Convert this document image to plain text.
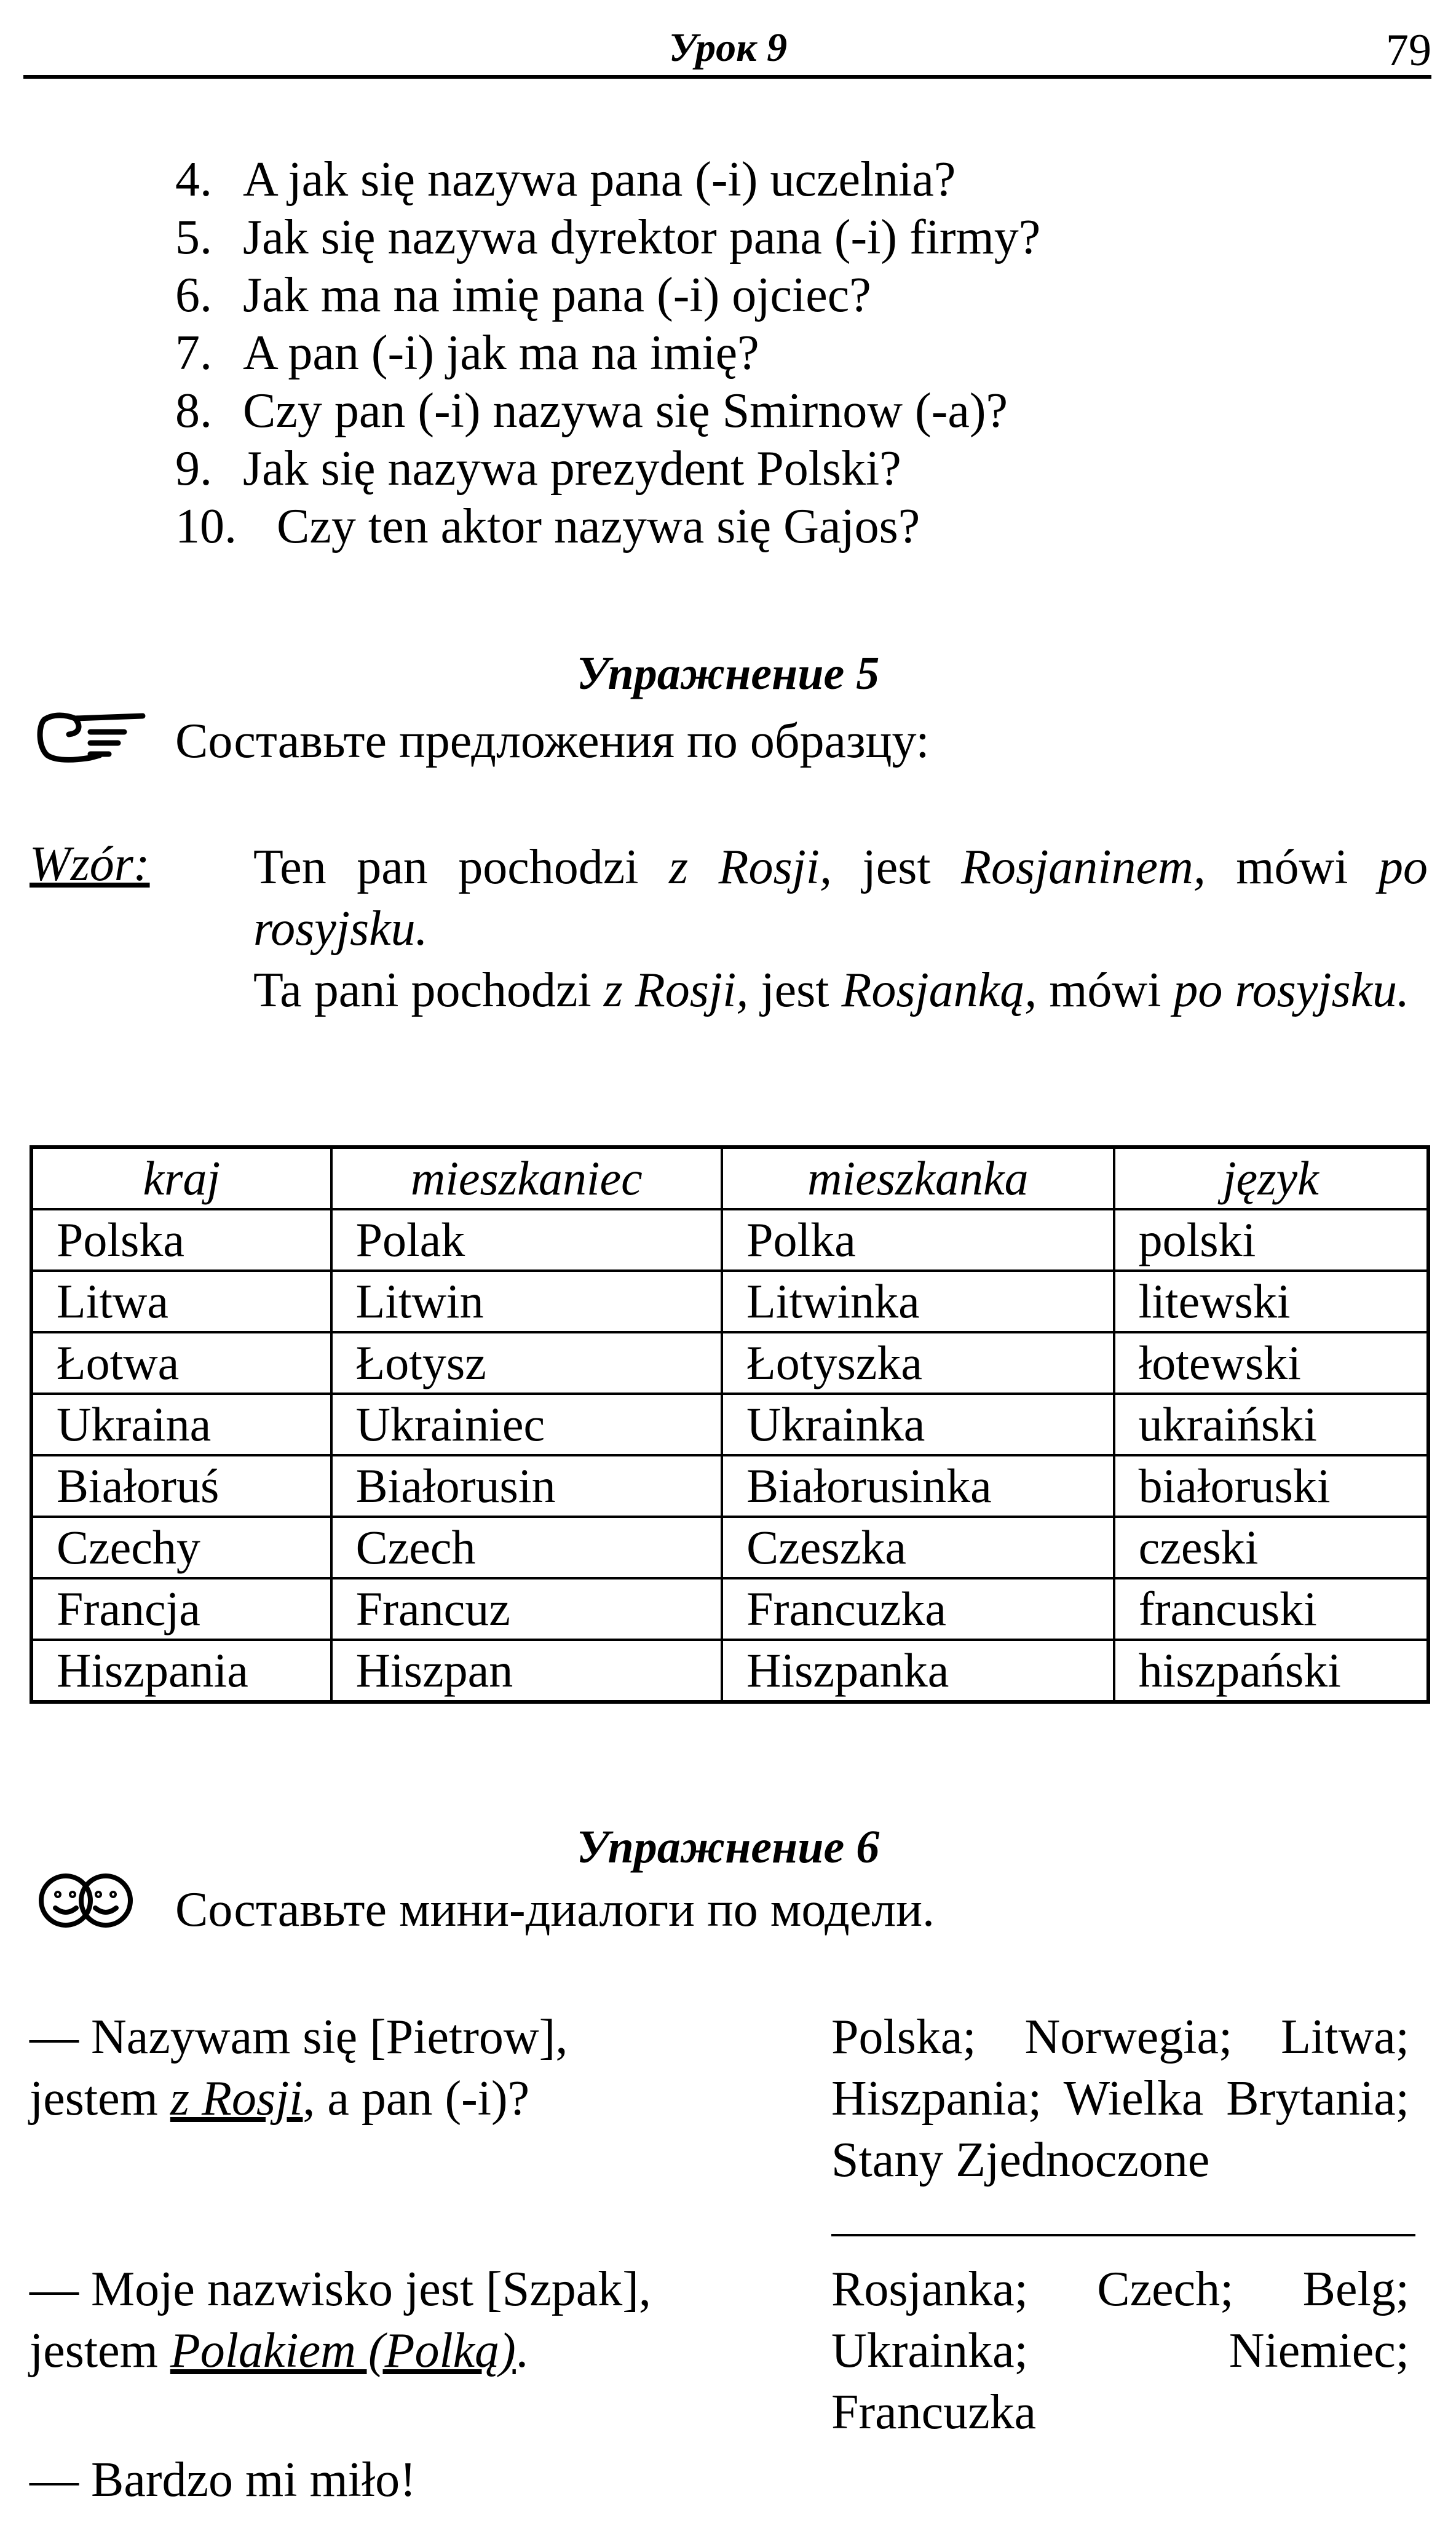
Урок 9	79
4. A jak się nazywa pana (-i) uczelnia?
5. Jak się nazywa dyrektor pana (-i) firmy?
6. Jak ma na imię pana (-i) ojciec?
7. A pan (-i) jak ma na imię?
8. Czy pan (-i) nazywa się Smirnow (-a)?
9. Jak się nazywa prezydent Polski?
10. Czy ten aktor nazywa się Gajos?
Упражнение 5
Составьте предложения по образцу:
Wzór: Ten pan pochodzi z Rosji, jest Rosjaninem, mówi po rosyjsku.

Ta pani pochodzi z Rosji, jest Rosjanką, mówi po rosyjsku.

kraj	mieszkaniec	mieszkanka	język
Polska	Polak	Polka	polski
Litwa	Litwin	Litwinka	litewski
Łotwa	Łotysz	Łotyszka	łotewski
Ukraina	Ukrainiec	Ukrainka	ukraiński
Białoruś	Białorusin	Białorusinka	białoruski
Czechy	Czech	Czeszka	czeski
Francja	Francuz	Francuzka	francuski
Hiszpania	Hiszpan	Hiszpanka	hiszpański
Упражнение 6
Составьте мини-диалоги по модели.
— Nazywam się [Pietrow],
jestem z Rosji, a pan (-i)?
— Moje nazwisko jest [Szpak],
jestem Polakiem (Polką).
— Bardzo mi miło!

Polska; Norwegia; Litwa; Hiszpania; Wielka Brytania; Stany Zjednoczone

Rosjanka; Czech; Belg; Ukrainka; Niemiec; Francuzka
